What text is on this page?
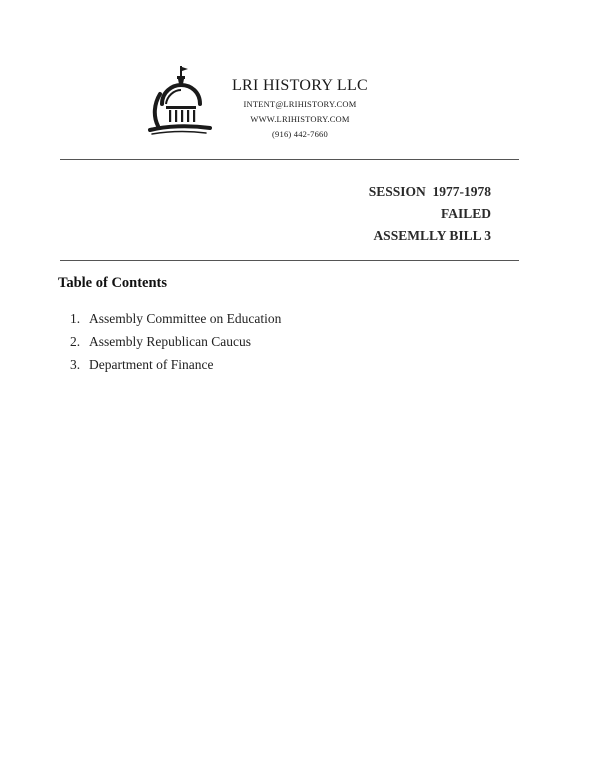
LRI HISTORY LLC
INTENT@LRIHISTORY.COM
WWW.LRIHISTORY.COM
(916) 442-7660
SESSION  1977-1978
FAILED
ASSEMLLY BILL 3
Table of Contents
1. Assembly Committee on Education
2. Assembly Republican Caucus
3. Department of Finance
